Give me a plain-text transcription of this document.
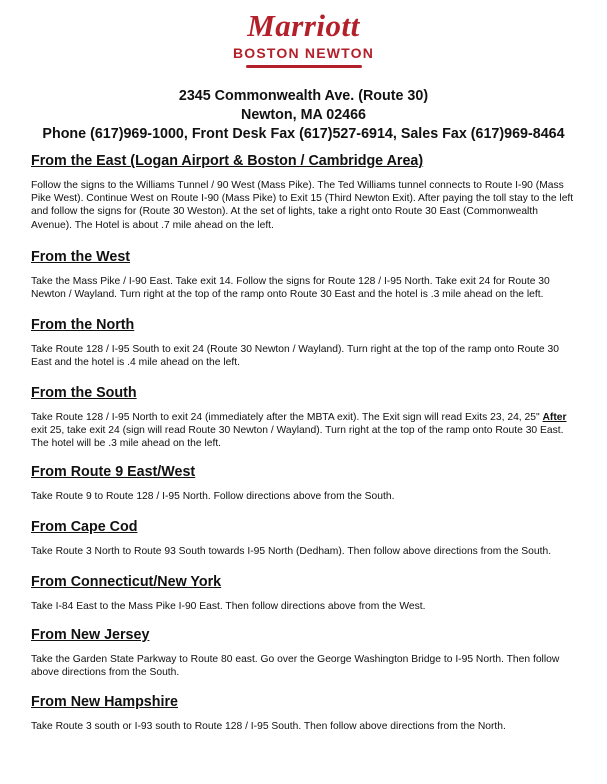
Marriott
BOSTON NEWTON
2345 Commonwealth Ave. (Route 30)
Newton, MA 02466
Phone (617)969-1000, Front Desk Fax (617)527-6914, Sales Fax (617)969-8464
From the East (Logan Airport & Boston / Cambridge Area)

Follow the signs to the Williams Tunnel / 90 West (Mass Pike). The Ted Williams tunnel connects to Route I-90 (Mass Pike West). Continue West on Route I-90 (Mass Pike) to Exit 15 (Third Newton Exit). After paying the toll stay to the left and follow the signs for (Route 30 Weston). At the set of lights, take a right onto Route 30 East (Commonwealth Avenue). The Hotel is about .7 mile ahead on the left.

From the West

Take the Mass Pike / I-90 East. Take exit 14. Follow the signs for Route 128 / I-95 North. Take exit 24 for Route 30 Newton / Wayland. Turn right at the top of the ramp onto Route 30 East and the hotel is .3 mile ahead on the left.

From the North

Take Route 128 / I-95 South to exit 24 (Route 30 Newton / Wayland). Turn right at the top of the ramp onto Route 30 East and the hotel is .4 mile ahead on the left.

From the South

Take Route 128 / I-95 North to exit 24 (immediately after the MBTA exit). The Exit sign will read Exits 23, 24, 25" After exit 25, take exit 24 (sign will read Route 30 Newton / Wayland). Turn right at the top of the ramp onto Route 30 East. The hotel will be .3 mile ahead on the left.

From Route 9 East/West

Take Route 9 to Route 128 / I-95 North. Follow directions above from the South.

From Cape Cod

Take Route 3 North to Route 93 South towards I-95 North (Dedham). Then follow above directions from the South.

From Connecticut/New York

Take I-84 East to the Mass Pike I-90 East. Then follow directions above from the West.

From New Jersey

Take the Garden State Parkway to Route 80 east. Go over the George Washington Bridge to I-95 North. Then follow above directions from the South.

From New Hampshire

Take Route 3 south or I-93 south to Route 128 / I-95 South. Then follow above directions from the North.
